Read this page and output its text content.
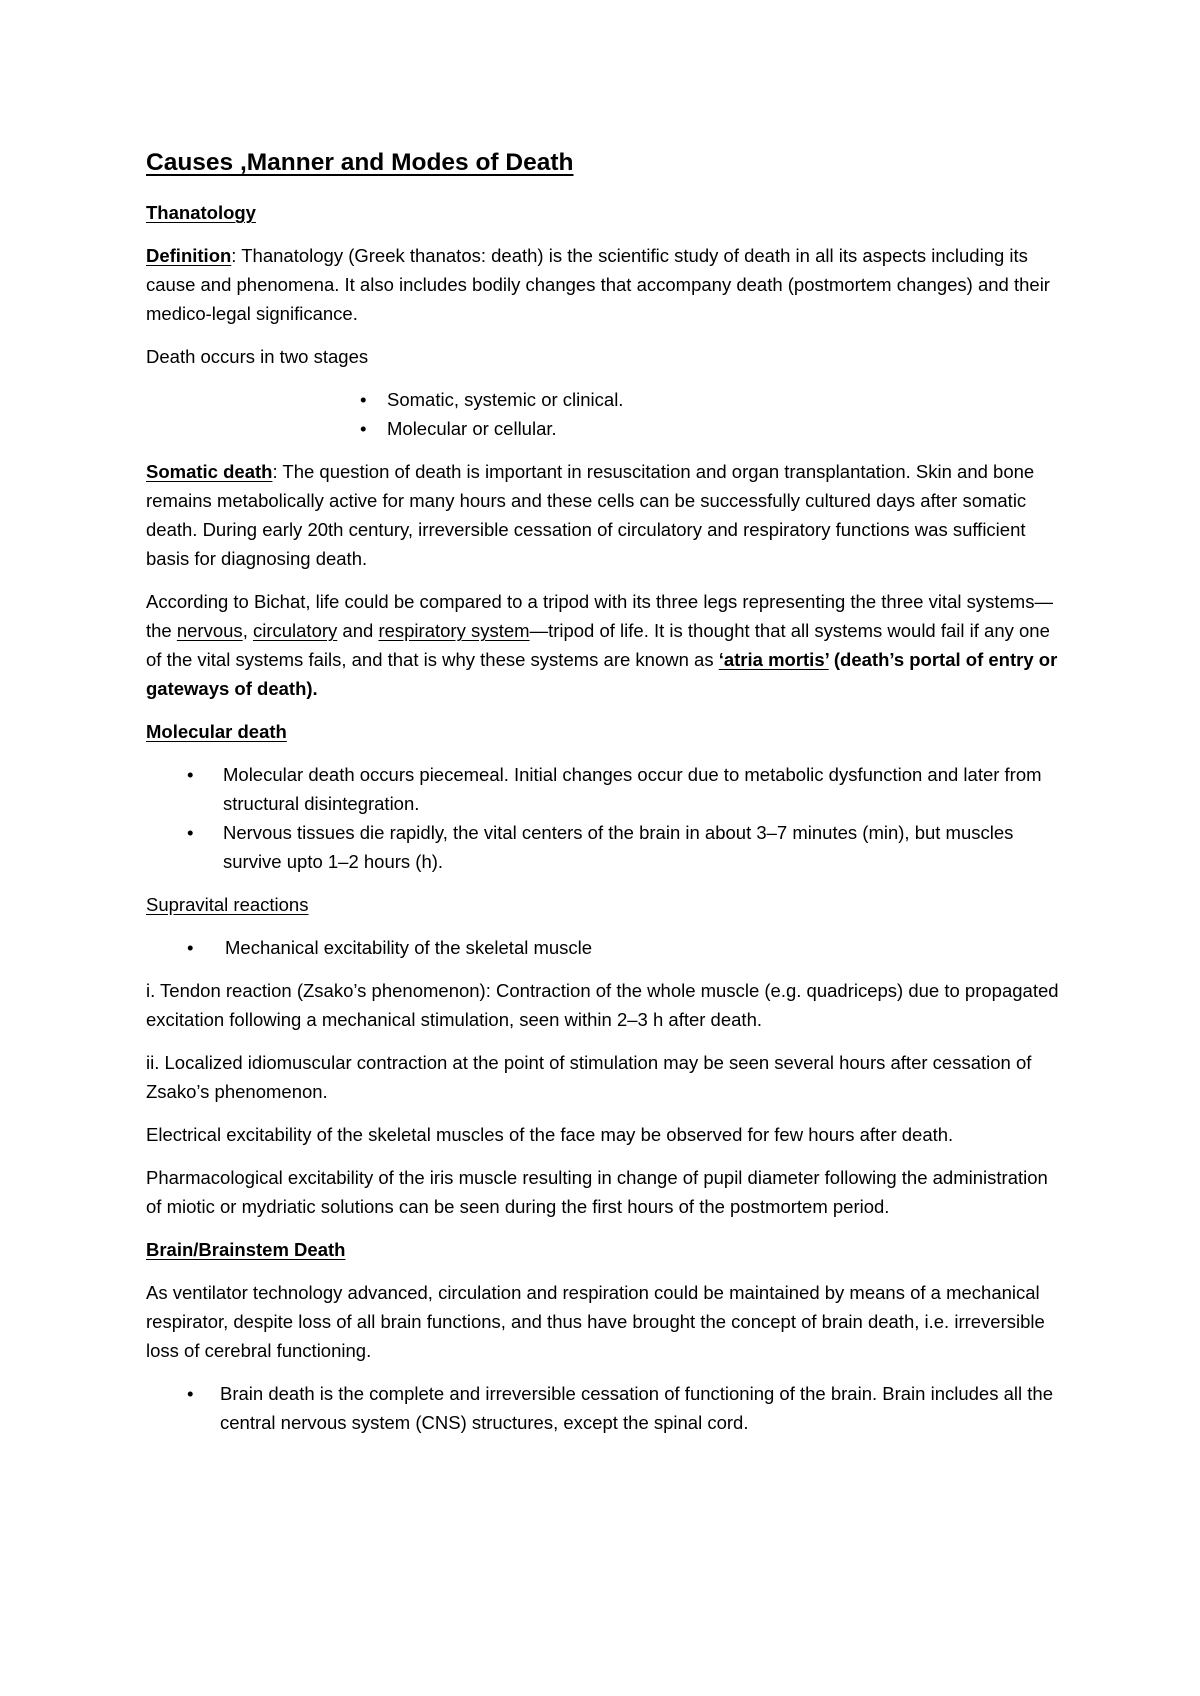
Causes ,Manner and Modes of Death
Thanatology

Definition: Thanatology (Greek thanatos: death) is the scientific study of death in all its aspects including its cause and phenomena. It also includes bodily changes that accompany death (postmortem changes) and their medico-legal significance.

Death occurs in two stages

• Somatic, systemic or clinical.
• Molecular or cellular.

Somatic death: The question of death is important in resuscitation and organ transplantation. Skin and bone remains metabolically active for many hours and these cells can be successfully cultured days after somatic death. During early 20th century, irreversible cessation of circulatory and respiratory functions was sufficient basis for diagnosing death.

According to Bichat, life could be compared to a tripod with its three legs representing the three vital systems—the nervous, circulatory and respiratory system—tripod of life. It is thought that all systems would fail if any one of the vital systems fails, and that is why these systems are known as ‘atria mortis’ (death’s portal of entry or gateways of death).

Molecular death
• Molecular death occurs piecemeal. Initial changes occur due to metabolic dysfunction and later from structural disintegration.
• Nervous tissues die rapidly, the vital centers of the brain in about 3–7 minutes (min), but muscles survive upto 1–2 hours (h).
Supravital reactions
• Mechanical excitability of the skeletal muscle

i. Tendon reaction (Zsako’s phenomenon): Contraction of the whole muscle (e.g. quadriceps) due to propagated excitation following a mechanical stimulation, seen within 2–3 h after death.

ii. Localized idiomuscular contraction at the point of stimulation may be seen several hours after cessation of Zsako’s phenomenon.

Electrical excitability of the skeletal muscles of the face may be observed for few hours after death.

Pharmacological excitability of the iris muscle resulting in change of pupil diameter following the administration of miotic or mydriatic solutions can be seen during the first hours of the postmortem period.

Brain/Brainstem Death

As ventilator technology advanced, circulation and respiration could be maintained by means of a mechanical respirator, despite loss of all brain functions, and thus have brought the concept of brain death, i.e. irreversible loss of cerebral functioning.

• Brain death is the complete and irreversible cessation of functioning of the brain. Brain includes all the central nervous system (CNS) structures, except the spinal cord.
